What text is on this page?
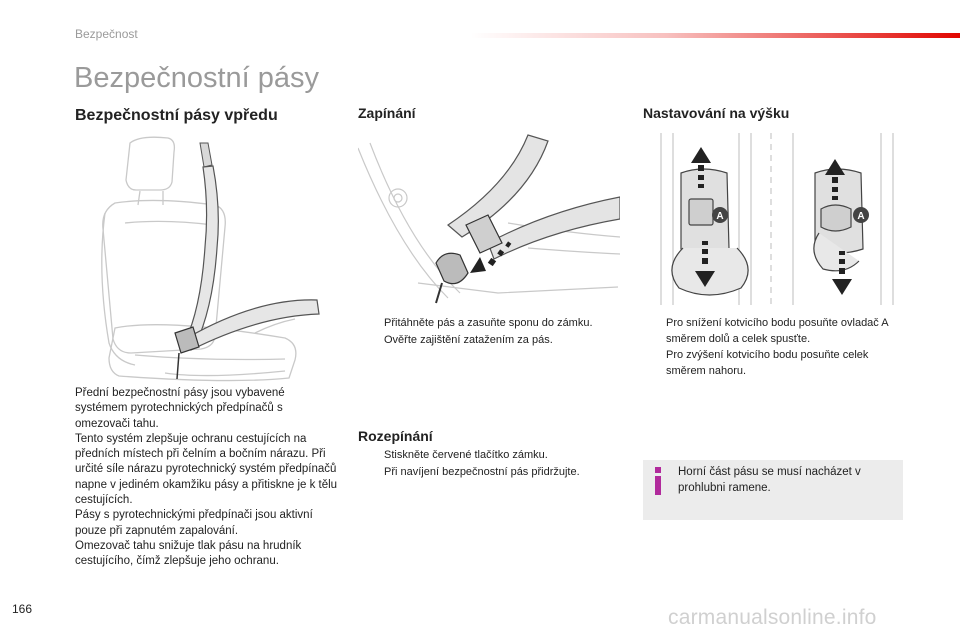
Bezpečnost
Bezpečnostní pásy
Bezpečnostní pásy vpředu

Přední bezpečnostní pásy jsou vybavené systémem pyrotechnických předpínačů s omezovači tahu.

Tento systém zlepšuje ochranu cestujících na předních místech při čelním a bočním nárazu. Při určité síle nárazu pyrotechnický systém předpínačů napne v jediném okamžiku pásy a přitiskne je k tělu cestujících.

Pásy s pyrotechnickými předpínači jsou aktivní pouze při zapnutém zapalování.

Omezovač tahu snižuje tlak pásu na hrudník cestujícího, čímž zlepšuje jeho ochranu.

Zapínání
Přitáhněte pás a zasuňte sponu do zámku.
Ověřte zajištění zatažením za pás.
Rozepínání
Stiskněte červené tlačítko zámku.
Při navíjení bezpečnostní pás přidržujte.
Nastavování na výšku
A	A
Pro snížení kotvicího bodu posuňte ovladač A směrem dolů a celek spusťte.
Pro zvýšení kotvicího bodu posuňte celek směrem nahoru.
Horní část pásu se musí nacházet v prohlubni ramene.
166	carmanualsonline.info
